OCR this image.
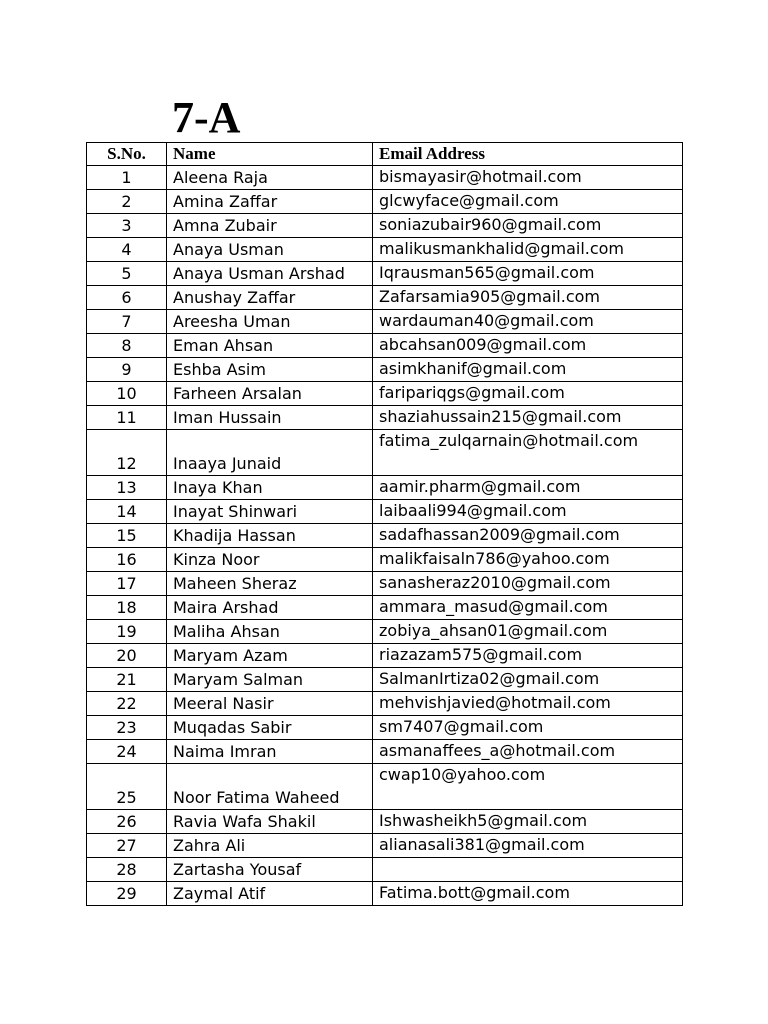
7-A
S.No.	Name	Email Address
1	Aleena Raja	bismayasir@hotmail.com
2	Amina Zaffar	glcwyface@gmail.com
3	Amna Zubair	soniazubair960@gmail.com
4	Anaya Usman	malikusmankhalid@gmail.com
5	Anaya Usman Arshad	Iqrausman565@gmail.com
6	Anushay Zaffar	Zafarsamia905@gmail.com
7	Areesha Uman	wardauman40@gmail.com
8	Eman Ahsan	abcahsan009@gmail.com
9	Eshba Asim	asimkhanif@gmail.com
10	Farheen Arsalan	faripariqgs@gmail.com
11	Iman Hussain	shaziahussain215@gmail.com
12	Inaaya Junaid	fatima_zulqarnain@hotmail.com
13	Inaya Khan	aamir.pharm@gmail.com
14	Inayat Shinwari	laibaali994@gmail.com
15	Khadija Hassan	sadafhassan2009@gmail.com
16	Kinza Noor	malikfaisaln786@yahoo.com
17	Maheen Sheraz	sanasheraz2010@gmail.com
18	Maira Arshad	ammara_masud@gmail.com
19	Maliha Ahsan	zobiya_ahsan01@gmail.com
20	Maryam Azam	riazazam575@gmail.com
21	Maryam Salman	SalmanIrtiza02@gmail.com
22	Meeral Nasir	mehvishjavied@hotmail.com
23	Muqadas Sabir	sm7407@gmail.com
24	Naima Imran	asmanaffees_a@hotmail.com
25	Noor Fatima Waheed	cwap10@yahoo.com
26	Ravia Wafa Shakil	Ishwasheikh5@gmail.com
27	Zahra Ali	alianasali381@gmail.com
28	Zartasha Yousaf	
29	Zaymal Atif	Fatima.bott@gmail.com
